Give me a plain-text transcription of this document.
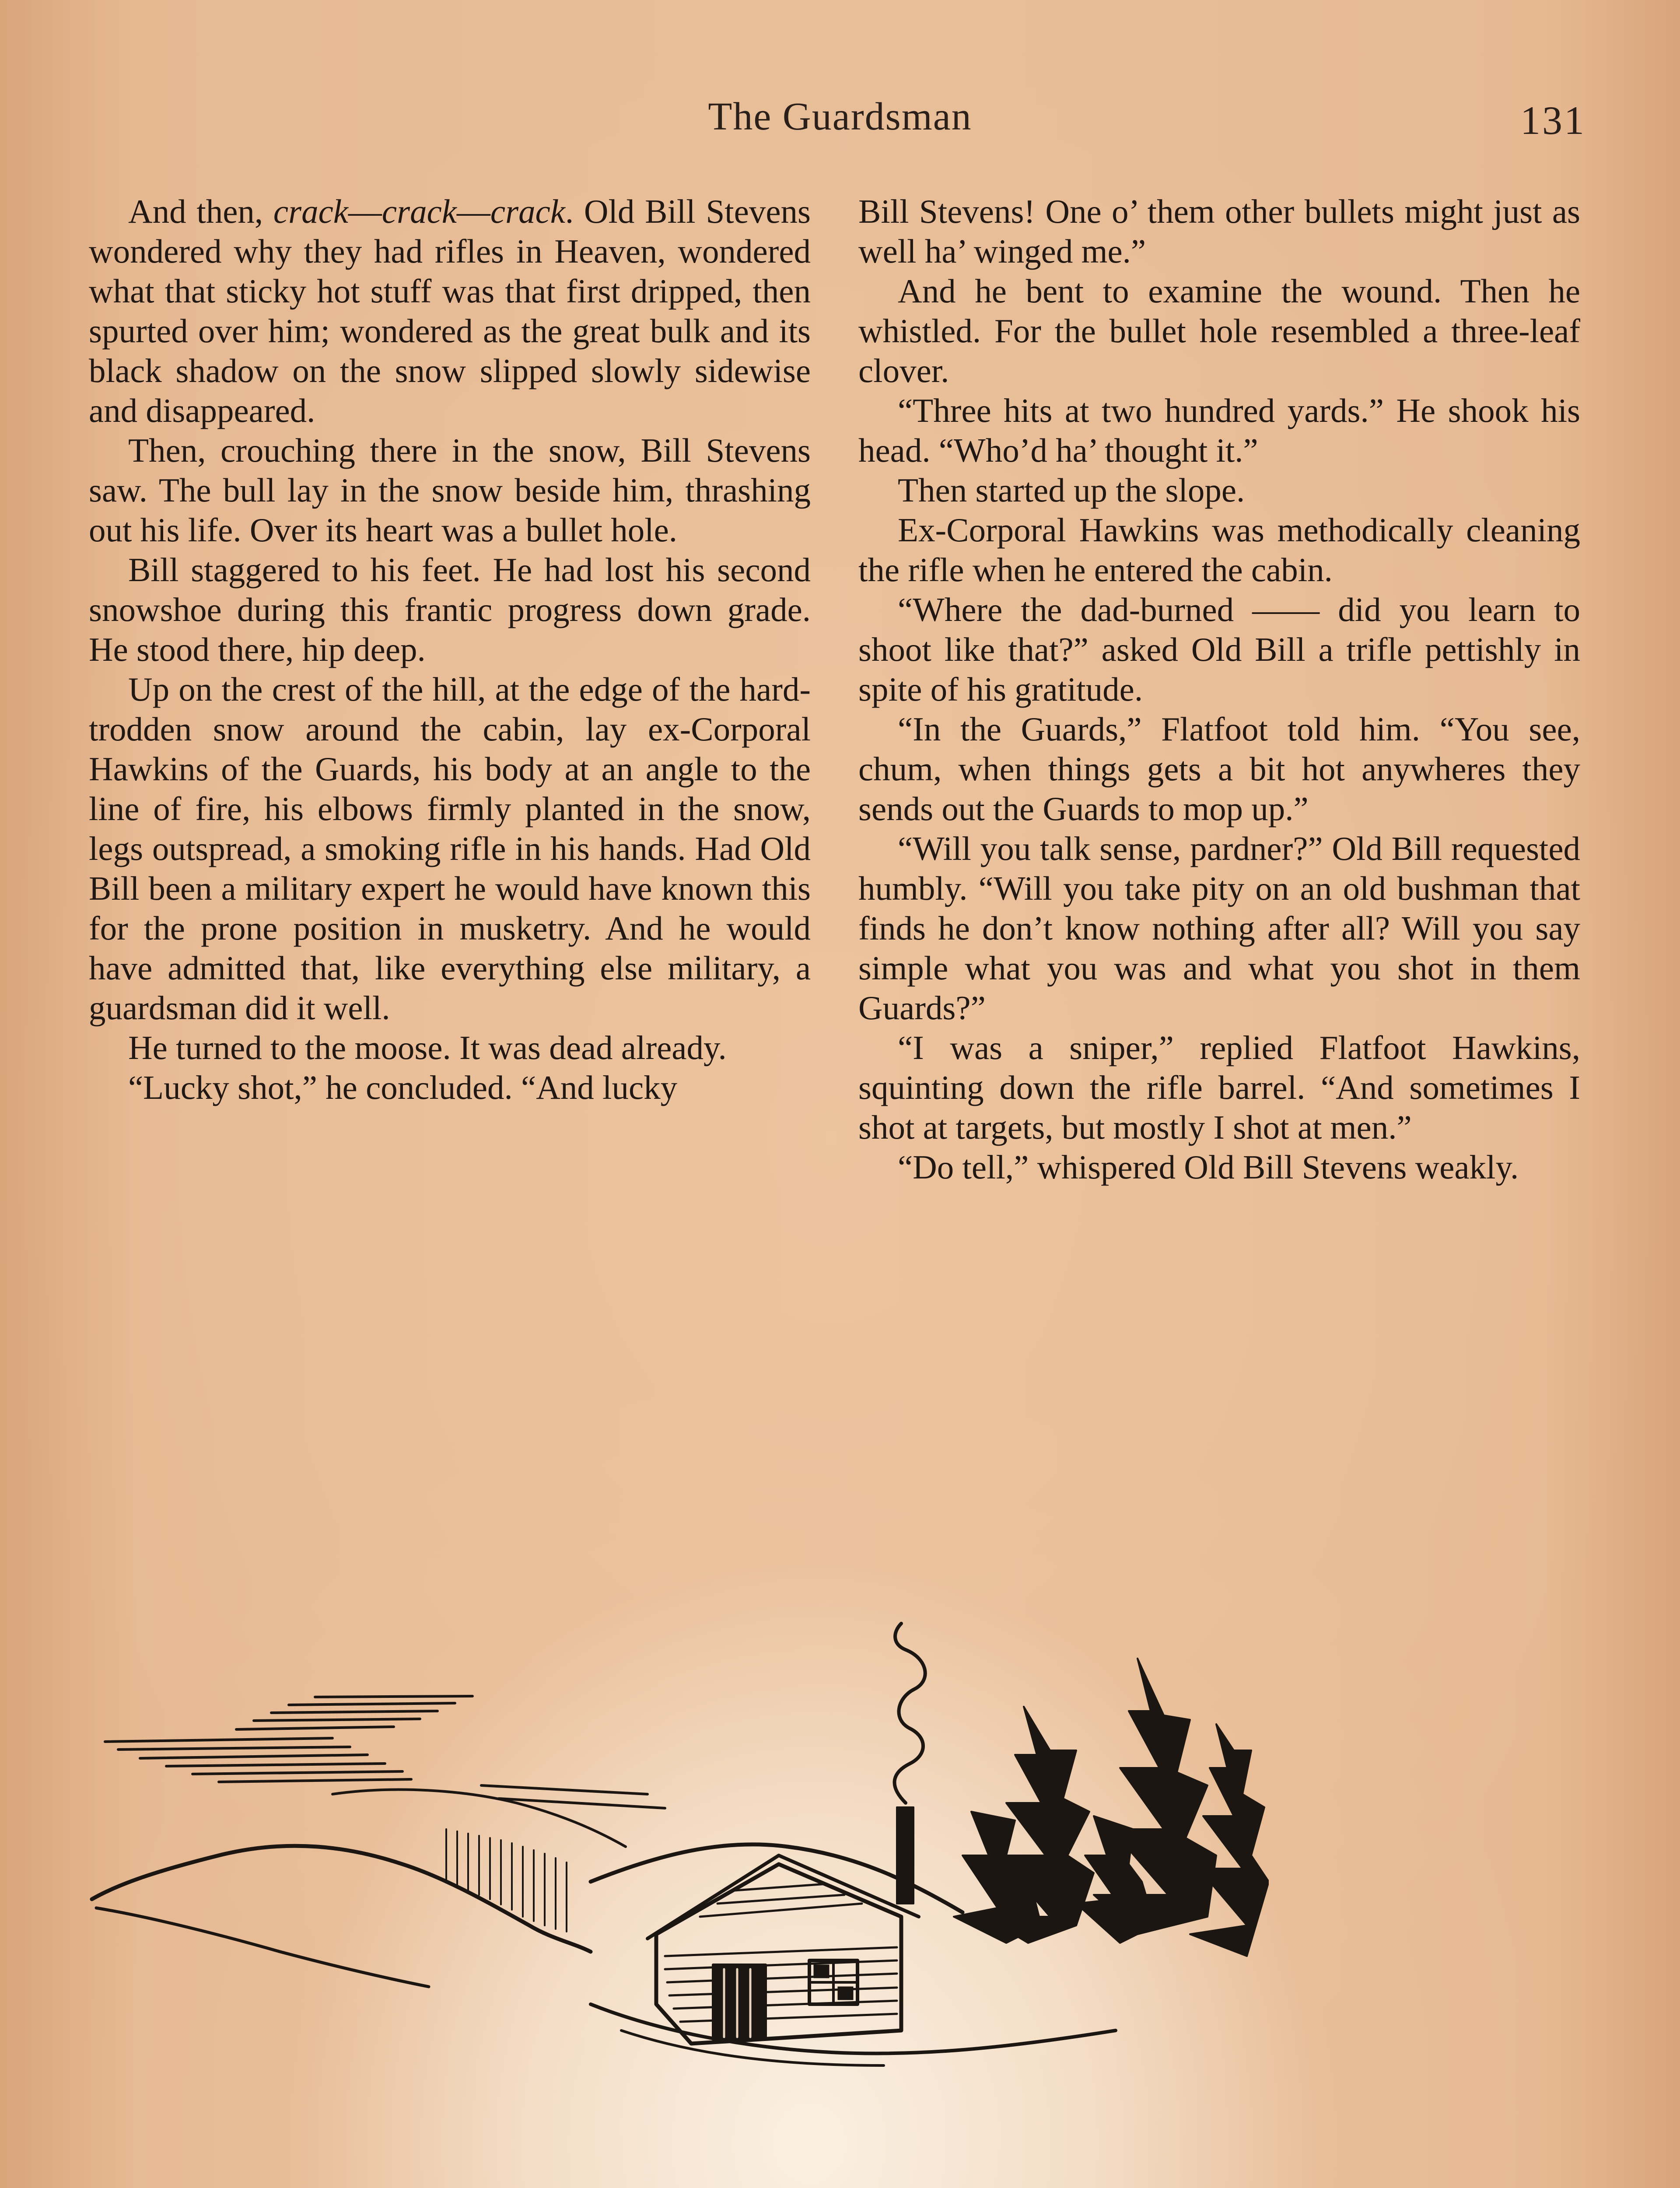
The Guardsman	131

And then, crack—crack—crack. Old Bill Stevens wondered why they had rifles in Heaven, wondered what that sticky hot stuff was that first dripped, then spurted over him; wondered as the great bulk and its black shadow on the snow slipped slowly sidewise and disappeared.

Then, crouching there in the snow, Bill Stevens saw. The bull lay in the snow beside him, thrashing out his life. Over its heart was a bullet hole.

Bill staggered to his feet. He had lost his second snowshoe during this frantic progress down grade. He stood there, hip deep.

Up on the crest of the hill, at the edge of the hard-trodden snow around the cabin, lay ex-Corporal Hawkins of the Guards, his body at an angle to the line of fire, his elbows firmly planted in the snow, legs outspread, a smoking rifle in his hands. Had Old Bill been a military expert he would have known this for the prone position in musketry. And he would have admitted that, like everything else military, a guardsman did it well.

He turned to the moose. It was dead already.

“Lucky shot,” he concluded. “And lucky

Bill Stevens! One o’ them other bullets might just as well ha’ winged me.”

And he bent to examine the wound. Then he whistled. For the bullet hole resembled a three-leaf clover.

“Three hits at two hundred yards.” He shook his head. “Who’d ha’ thought it.”

Then started up the slope.

Ex-Corporal Hawkins was methodically cleaning the rifle when he entered the cabin.

“Where the dad-burned —— did you learn to shoot like that?” asked Old Bill a trifle pettishly in spite of his gratitude.

“In the Guards,” Flatfoot told him. “You see, chum, when things gets a bit hot anywheres they sends out the Guards to mop up.”

“Will you talk sense, pardner?” Old Bill requested humbly. “Will you take pity on an old bushman that finds he don’t know nothing after all? Will you say simple what you was and what you shot in them Guards?”

“I was a sniper,” replied Flatfoot Hawkins, squinting down the rifle barrel. “And sometimes I shot at targets, but mostly I shot at men.”

“Do tell,” whispered Old Bill Stevens weakly.
